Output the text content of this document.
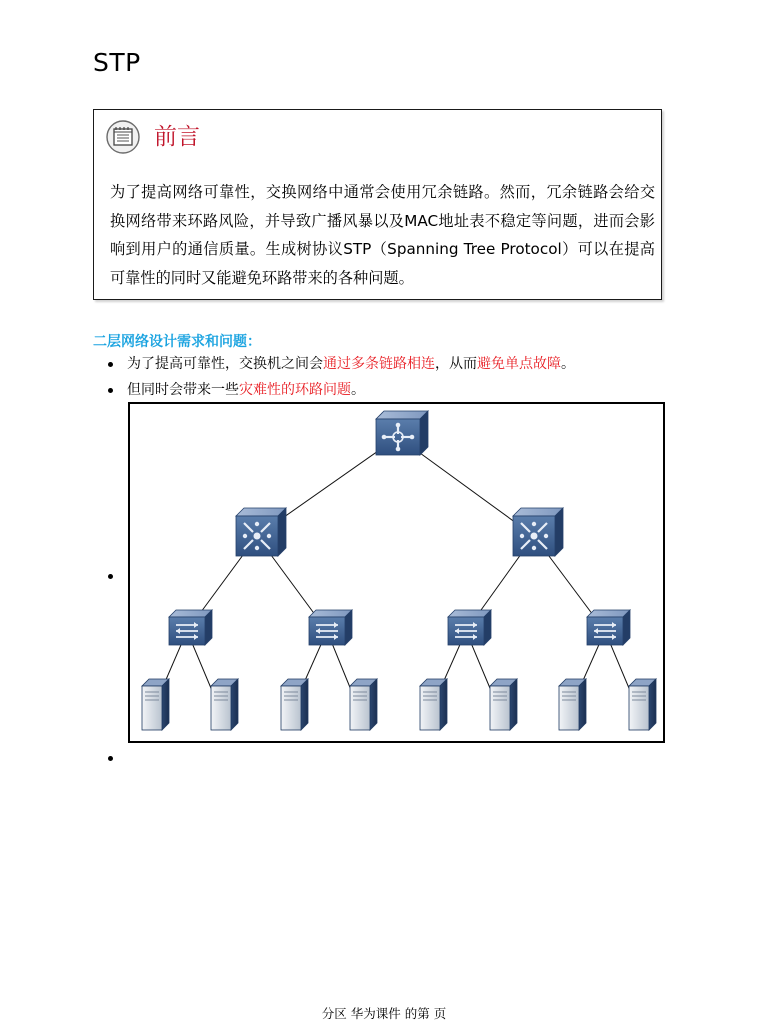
STP
前言
为了提高网络可靠性，交换网络中通常会使用冗余链路。然而，冗余链路会给交换网络带来环路风险，并导致广播风暴以及MAC地址表不稳定等问题，进而会影响到用户的通信质量。生成树协议STP（Spanning Tree Protocol）可以在提高可靠性的同时又能避免环路带来的各种问题。
二层网络设计需求和问题：
为了提高可靠性，交换机之间会通过多条链路相连，从而避免单点故障。
但同时会带来一些灾难性的环路问题。
分区 华为课件 的第 页
